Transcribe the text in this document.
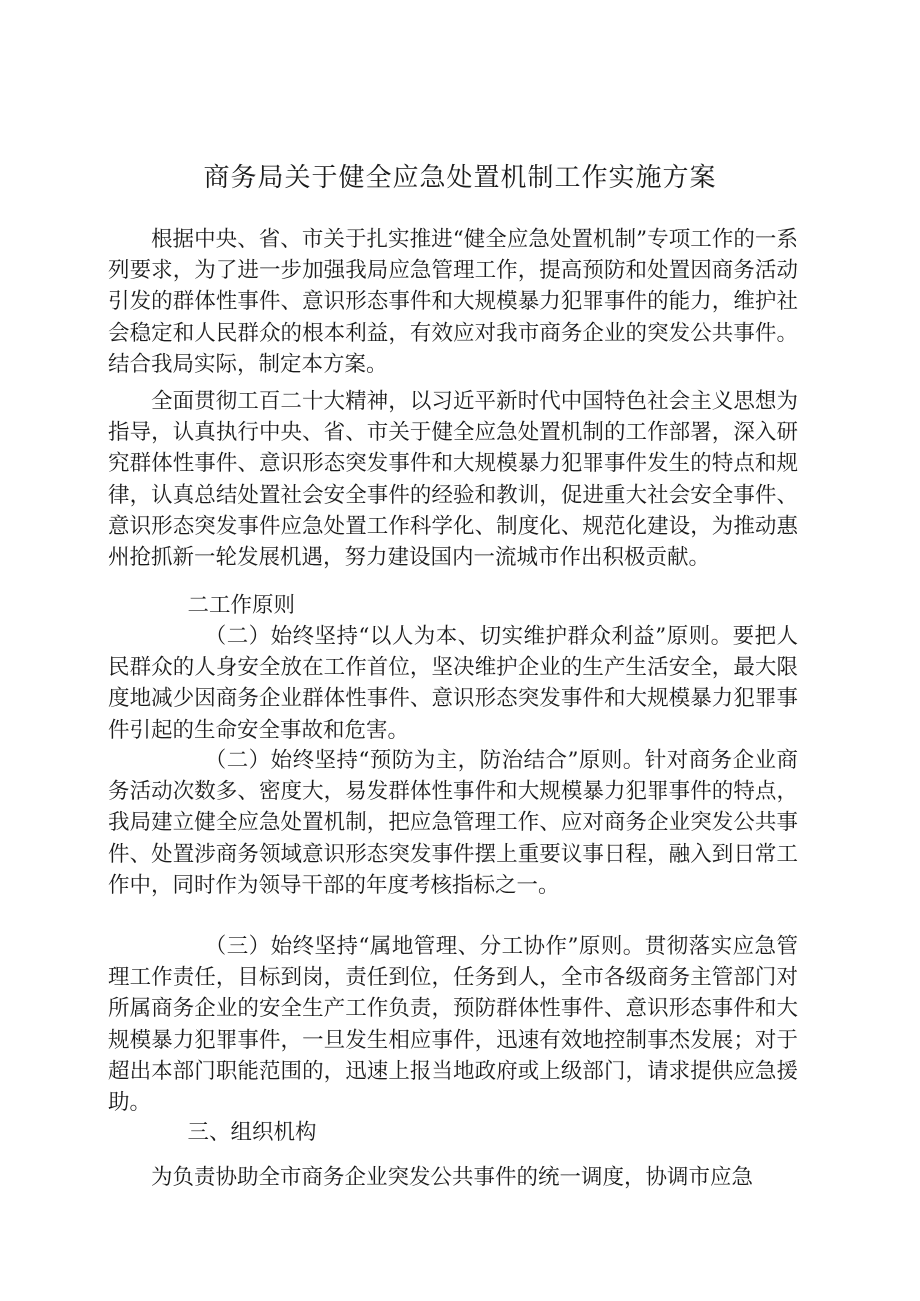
商务局关于健全应急处置机制工作实施方案

根据中央、省、市关于扎实推进“健全应急处置机制”专项工作的一系列要求，为了进一步加强我局应急管理工作，提高预防和处置因商务活动引发的群体性事件、意识形态事件和大规模暴力犯罪事件的能力，维护社会稳定和人民群众的根本利益，有效应对我市商务企业的突发公共事件。结合我局实际，制定本方案。

全面贯彻工百二十大精神，以习近平新时代中国特色社会主义思想为指导，认真执行中央、省、市关于健全应急处置机制的工作部署，深入研究群体性事件、意识形态突发事件和大规模暴力犯罪事件发生的特点和规律，认真总结处置社会安全事件的经验和教训，促进重大社会安全事件、意识形态突发事件应急处置工作科学化、制度化、规范化建设，为推动惠州抢抓新一轮发展机遇，努力建设国内一流城市作出积极贡献。

二工作原则

（二）始终坚持“以人为本、切实维护群众利益”原则。要把人民群众的人身安全放在工作首位，坚决维护企业的生产生活安全，最大限度地减少因商务企业群体性事件、意识形态突发事件和大规模暴力犯罪事件引起的生命安全事故和危害。

（二）始终坚持“预防为主，防治结合”原则。针对商务企业商务活动次数多、密度大，易发群体性事件和大规模暴力犯罪事件的特点，我局建立健全应急处置机制，把应急管理工作、应对商务企业突发公共事件、处置涉商务领域意识形态突发事件摆上重要议事日程，融入到日常工作中，同时作为领导干部的年度考核指标之一。

（三）始终坚持“属地管理、分工协作”原则。贯彻落实应急管理工作责任，目标到岗，责任到位，任务到人，全市各级商务主管部门对所属商务企业的安全生产工作负责，预防群体性事件、意识形态事件和大规模暴力犯罪事件，一旦发生相应事件，迅速有效地控制事杰发展；对于超出本部门职能范围的，迅速上报当地政府或上级部门，请求提供应急援助。

三、组织机构

为负责协助全市商务企业突发公共事件的统一调度，协调市应急
